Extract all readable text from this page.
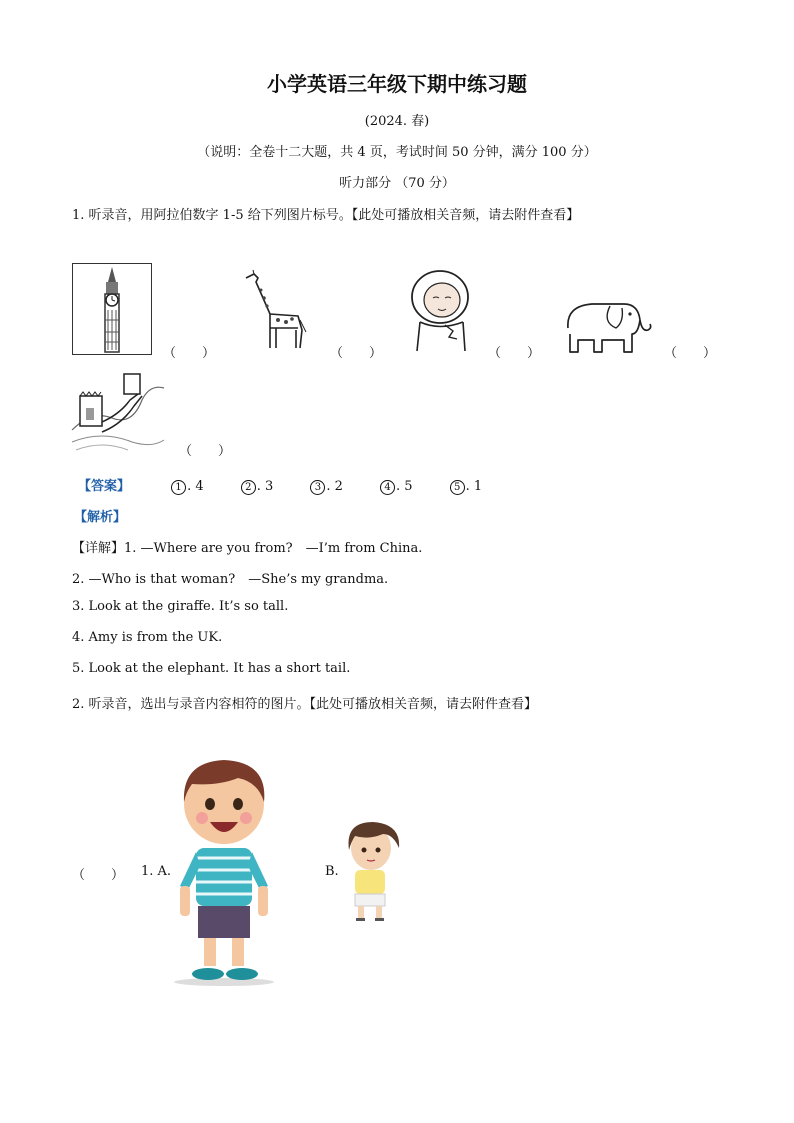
小学英语三年级下期中练习题
(2024. 春)
（说明：全卷十二大题，共 4 页，考试时间 50 分钟，满分 100 分）
听力部分 （70 分）
1. 听录音，用阿拉伯数字 1-5 给下列图片标号。【此处可播放相关音频，请去附件查看】
（　　）	（　　）	（　　）	（　　）
（　　）
【答案】	1 . 4	2 . 3	3 . 2	4 . 5	5 . 1
【解析】
【详解】1. —Where are you from?　—I’m from China.
2. —Who is that woman?　—She’s my grandma.
3. Look at the giraffe. It’s so tall.
4. Amy is from the UK.
5. Look at the elephant. It has a short tail.
2. 听录音，选出与录音内容相符的图片。【此处可播放相关音频，请去附件查看】
（　　） 1. A.	B.
